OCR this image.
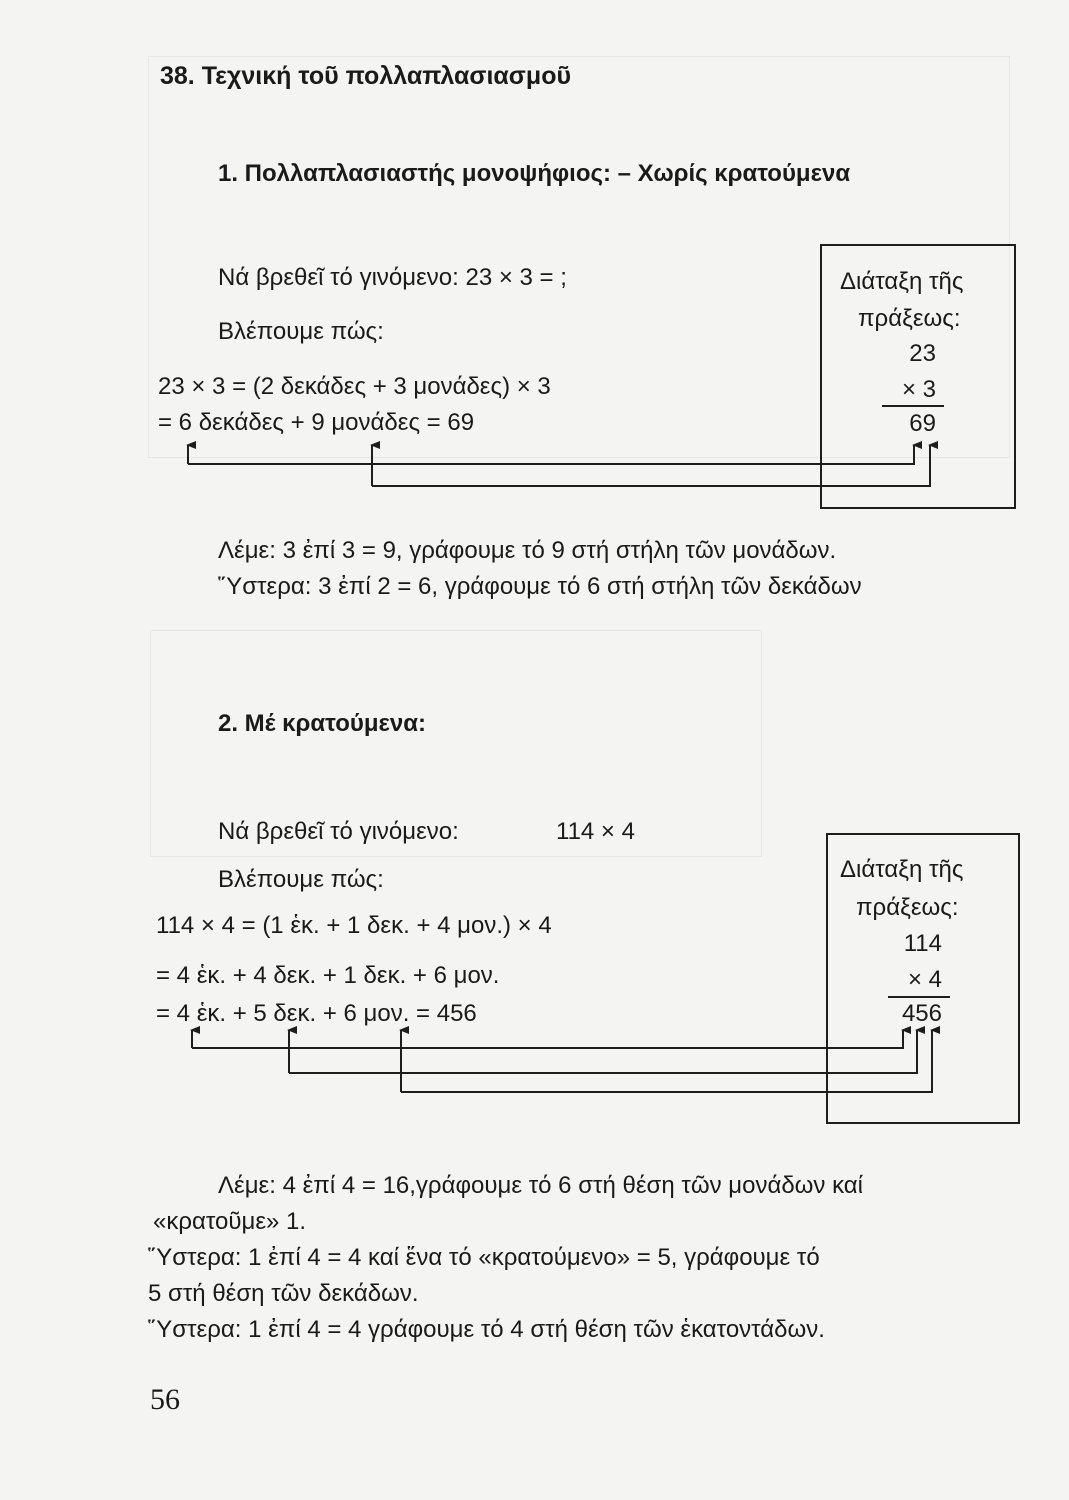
38. Τεχνική τοῦ πολλαπλασιασμοῦ
1. Πολλαπλασιαστής μονοψήφιος: – Χωρίς κρατούμενα
Νά βρεθεῖ τό γινόμενο: 23 × 3 = ;
Βλέπουμε πώς:
23 × 3 = (2 δεκάδες + 3 μονάδες) × 3
= 6 δεκάδες + 9 μονάδες = 69
Διάταξη τῆς
πράξεως:
23
× 3
69
Λέμε: 3 ἐπί 3 = 9, γράφουμε τό 9 στή στήλη τῶν μονάδων.
Ὕστερα: 3 ἐπί 2 = 6, γράφουμε τό 6 στή στήλη τῶν δεκάδων
2. Μέ κρατούμενα:
Νά βρεθεῖ τό γινόμενο:	114 × 4
Βλέπουμε πώς:
114 × 4 = (1 ἑκ. + 1 δεκ. + 4 μον.) × 4
= 4 ἑκ. + 4 δεκ. + 1 δεκ. + 6 μον.
= 4 ἑκ. + 5 δεκ. + 6 μον. = 456
Διάταξη τῆς
πράξεως:
114
× 4
456
Λέμε: 4 ἐπί 4 = 16,γράφουμε τό 6 στή θέση τῶν μονάδων καί
«κρατοῦμε» 1.
Ὕστερα: 1 ἐπί 4 = 4 καί ἕνα τό «κρατούμενο» = 5, γράφουμε τό
5 στή θέση τῶν δεκάδων.
Ὕστερα: 1 ἐπί 4 = 4 γράφουμε τό 4 στή θέση τῶν ἑκατοντάδων.
56
